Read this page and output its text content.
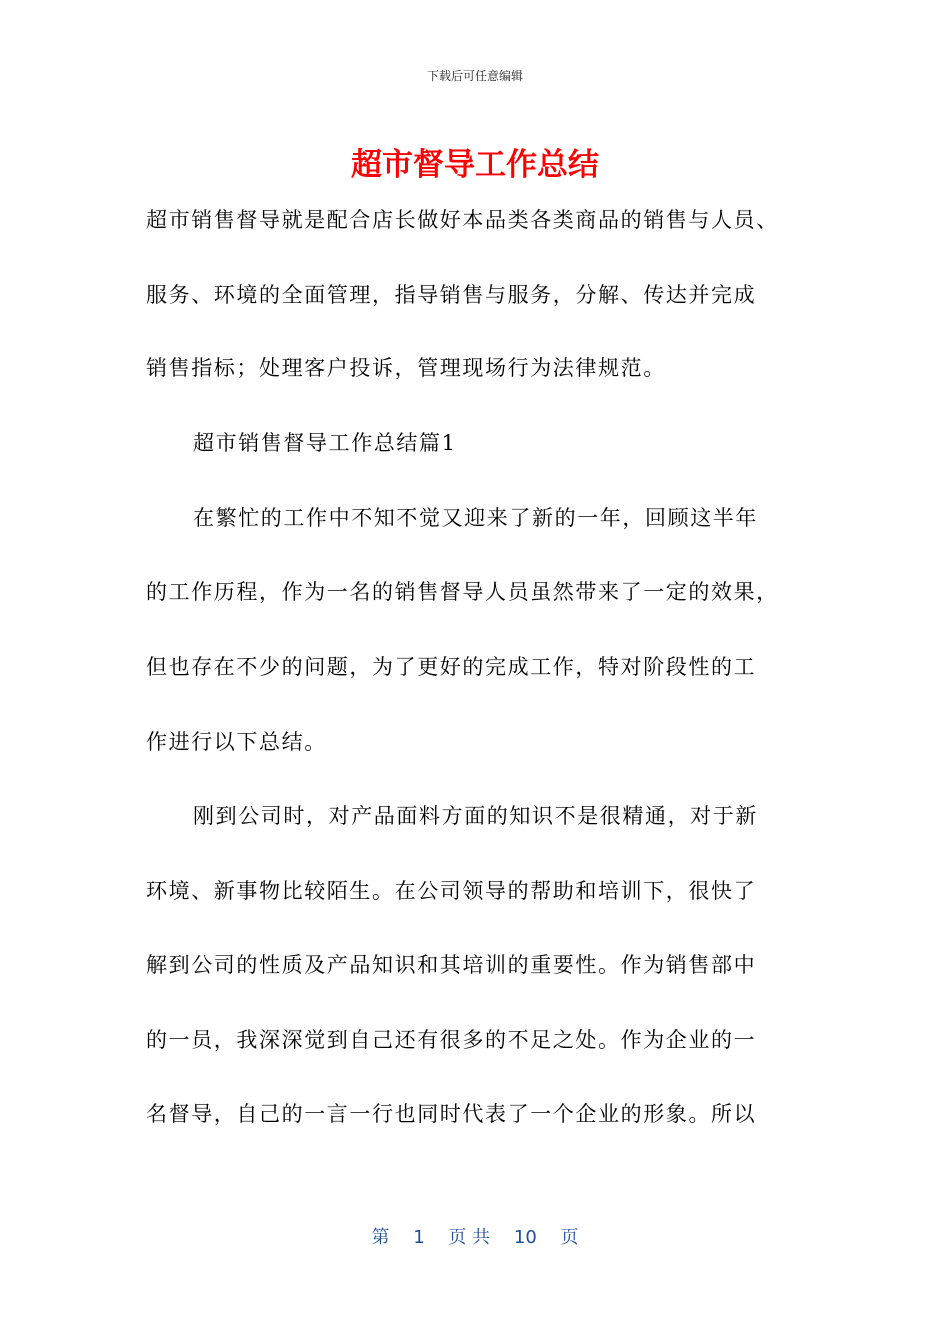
下载后可任意编辑
超市督导工作总结

超市销售督导就是配合店长做好本品类各类商品的销售与人员、

服务、环境的全面管理，指导销售与服务，分解、传达并完成

销售指标；处理客户投诉，管理现场行为法律规范。

超市销售督导工作总结篇1

在繁忙的工作中不知不觉又迎来了新的一年，回顾这半年

的工作历程，作为一名的销售督导人员虽然带来了一定的效果，

但也存在不少的问题，为了更好的完成工作，特对阶段性的工

作进行以下总结。

刚到公司时，对产品面料方面的知识不是很精通，对于新

环境、新事物比较陌生。在公司领导的帮助和培训下，很快了

解到公司的性质及产品知识和其培训的重要性。作为销售部中

的一员，我深深觉到自己还有很多的不足之处。作为企业的一

名督导，自己的一言一行也同时代表了一个企业的形象。所以

第 1 页 共 10 页
